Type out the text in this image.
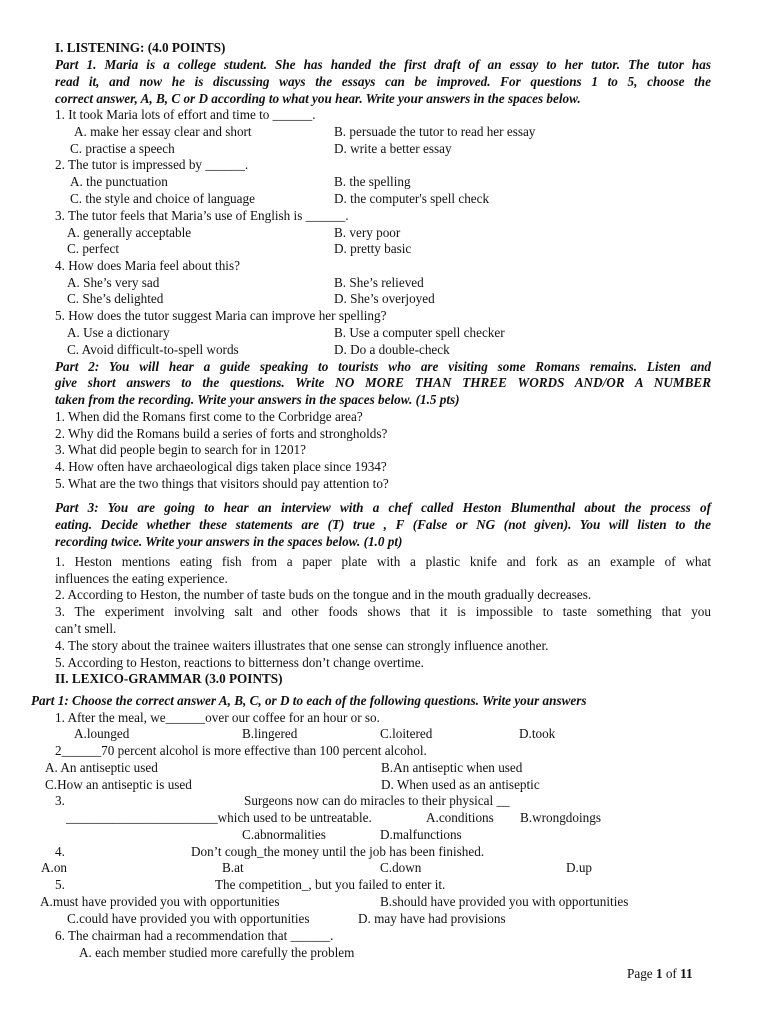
I. LISTENING: (4.0 POINTS)
Part 1. Maria is a college student. She has handed the first draft of an essay to her tutor. The tutor has
read it, and now he is discussing ways the essays can be improved. For questions 1 to 5, choose the
correct answer, A, B, C or D according to what you hear. Write your answers in the spaces below.
1. It took Maria lots of effort and time to ______.
A. make her essay clear and short	B. persuade the tutor to read her essay
C. practise a speech	D. write a better essay
2. The tutor is impressed by ______.
A. the punctuation	B. the spelling
C. the style and choice of language	D. the computer's spell check
3. The tutor feels that Maria’s use of English is ______.
A. generally acceptable	B. very poor
C. perfect	D. pretty basic
4. How does Maria feel about this?
A. She’s very sad	B. She’s relieved
C. She’s delighted	D. She’s overjoyed
5. How does the tutor suggest Maria can improve her spelling?
A. Use a dictionary	B. Use a computer spell checker
C. Avoid difficult-to-spell words	D. Do a double-check
Part 2: You will hear a guide speaking to tourists who are visiting some Romans remains. Listen and
give short answers to the questions. Write NO MORE THAN THREE WORDS AND/OR A NUMBER
taken from the recording. Write your answers in the spaces below. (1.5 pts)
1. When did the Romans first come to the Corbridge area?
2. Why did the Romans build a series of forts and strongholds?
3. What did people begin to search for in 1201?
4. How often have archaeological digs taken place since 1934?
5. What are the two things that visitors should pay attention to?
Part 3: You are going to hear an interview with a chef called Heston Blumenthal about the process of
eating. Decide whether these statements are (T) true , F (False or NG (not given). You will listen to the
recording twice. Write your answers in the spaces below. (1.0 pt)
1. Heston mentions eating fish from a paper plate with a plastic knife and fork as an example of what
influences the eating experience.
2. According to Heston, the number of taste buds on the tongue and in the mouth gradually decreases.
3. The experiment involving salt and other foods shows that it is impossible to taste something that you
can’t smell.
4. The story about the trainee waiters illustrates that one sense can strongly influence another.
5. According to Heston, reactions to bitterness don’t change overtime.
II. LEXICO-GRAMMAR (3.0 POINTS)
Part 1: Choose the correct answer A, B, C, or D to each of the following questions. Write your answers
1. After the meal, we______over our coffee for an hour or so.
A.lounged	B.lingered	C.loitered	D.took
2______70 percent alcohol is more effective than 100 percent alcohol.
A. An antiseptic used	B.An antiseptic when used
C.How an antiseptic is used	D. When used as an antiseptic
3.	Surgeons now can do miracles to their physical __
_______________________which used to be untreatable.	A.conditions B.wrongdoings
C.abnormalities	D.malfunctions
4.	Don’t cough_the money until the job has been finished.
A.on	B.at	C.down	D.up
5.	The competition_, but you failed to enter it.
A.must have provided you with opportunities	B.should have provided you with opportunities
C.could have provided you with opportunities	D. may have had provisions
6. The chairman had a recommendation that ______.
A. each member studied more carefully the problem
Page 1 of 11
